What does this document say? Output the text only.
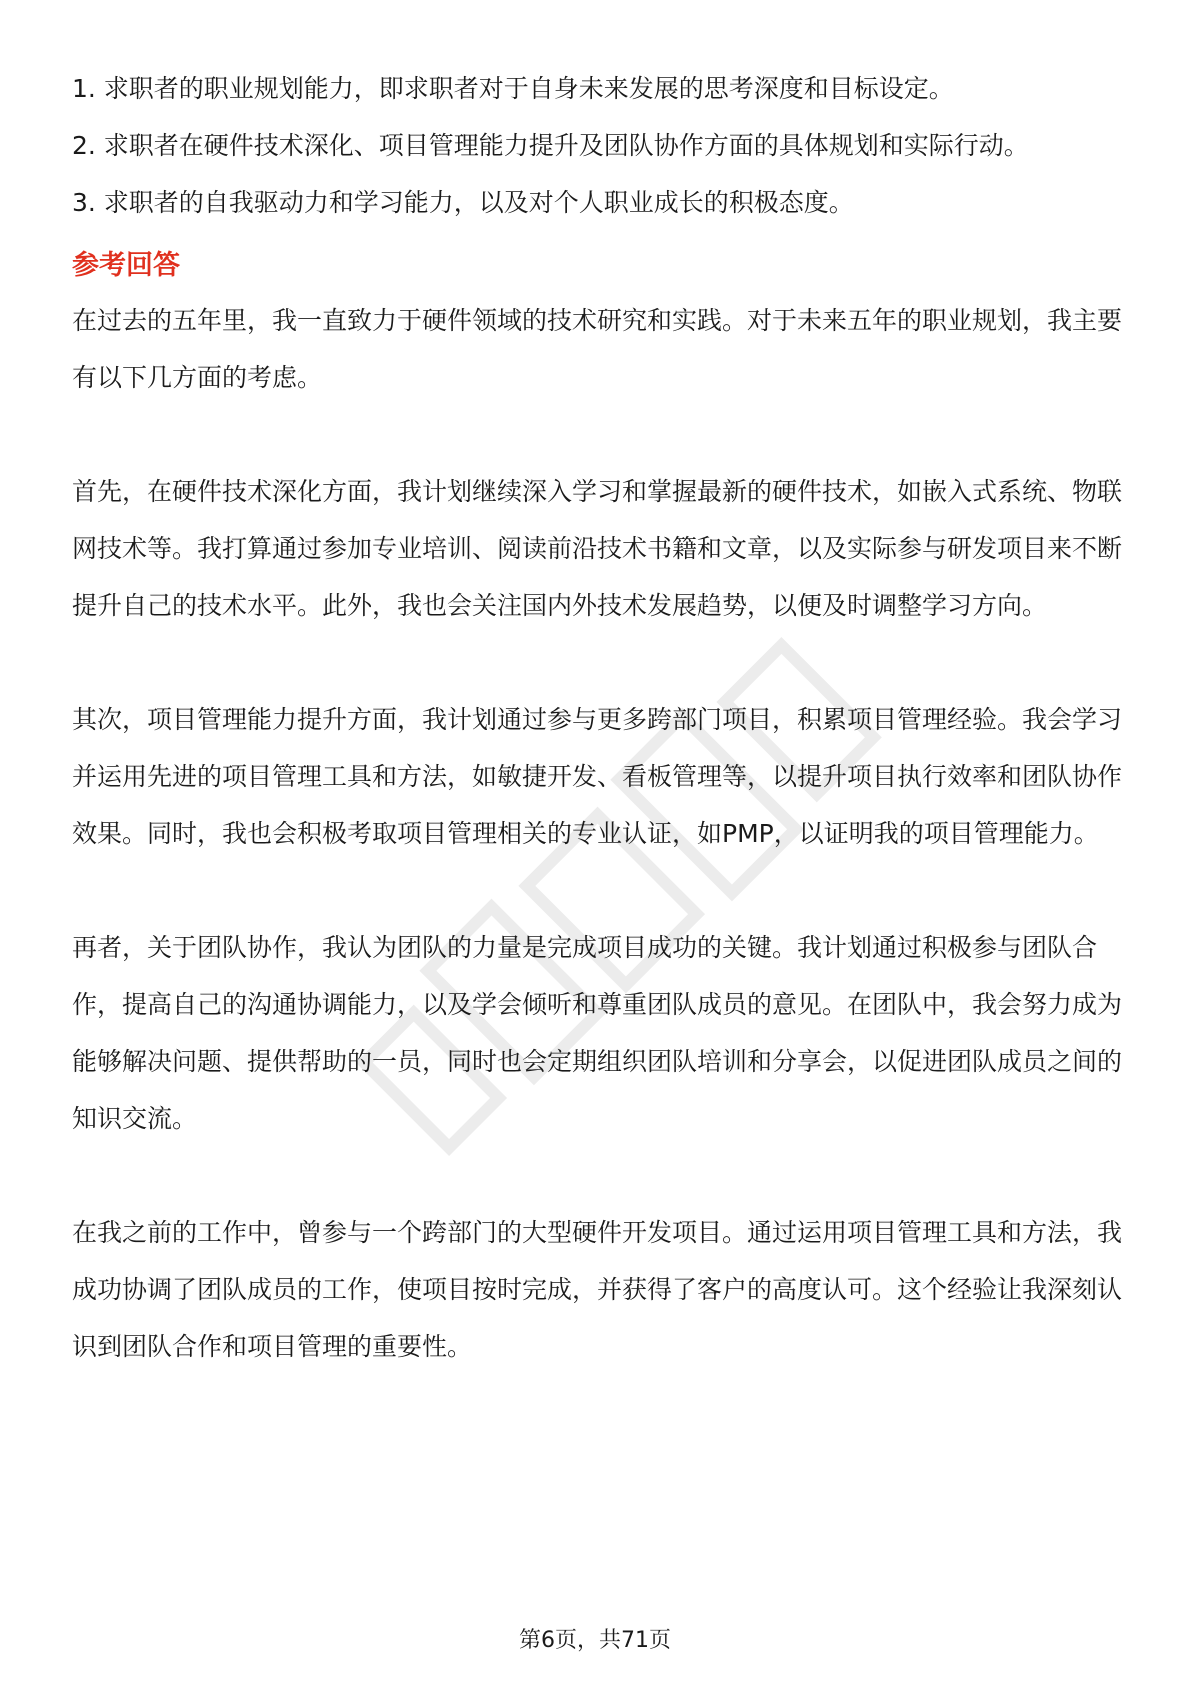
1. 求职者的职业规划能力，即求职者对于自身未来发展的思考深度和目标设定。
2. 求职者在硬件技术深化、项目管理能力提升及团队协作方面的具体规划和实际行动。
3. 求职者的自我驱动力和学习能力，以及对个人职业成长的积极态度。
参考回答

在过去的五年里，我一直致力于硬件领域的技术研究和实践。对于未来五年的职业规划，我主要有以下几方面的考虑。

首先，在硬件技术深化方面，我计划继续深入学习和掌握最新的硬件技术，如嵌入式系统、物联网技术等。我打算通过参加专业培训、阅读前沿技术书籍和文章，以及实际参与研发项目来不断提升自己的技术水平。此外，我也会关注国内外技术发展趋势，以便及时调整学习方向。

其次，项目管理能力提升方面，我计划通过参与更多跨部门项目，积累项目管理经验。我会学习并运用先进的项目管理工具和方法，如敏捷开发、看板管理等，以提升项目执行效率和团队协作效果。同时，我也会积极考取项目管理相关的专业认证，如PMP，以证明我的项目管理能力。

再者，关于团队协作，我认为团队的力量是完成项目成功的关键。我计划通过积极参与团队合作，提高自己的沟通协调能力，以及学会倾听和尊重团队成员的意见。在团队中，我会努力成为能够解决问题、提供帮助的一员，同时也会定期组织团队培训和分享会，以促进团队成员之间的知识交流。

在我之前的工作中，曾参与一个跨部门的大型硬件开发项目。通过运用项目管理工具和方法，我成功协调了团队成员的工作，使项目按时完成，并获得了客户的高度认可。这个经验让我深刻认识到团队合作和项目管理的重要性。

第6页，共71页
